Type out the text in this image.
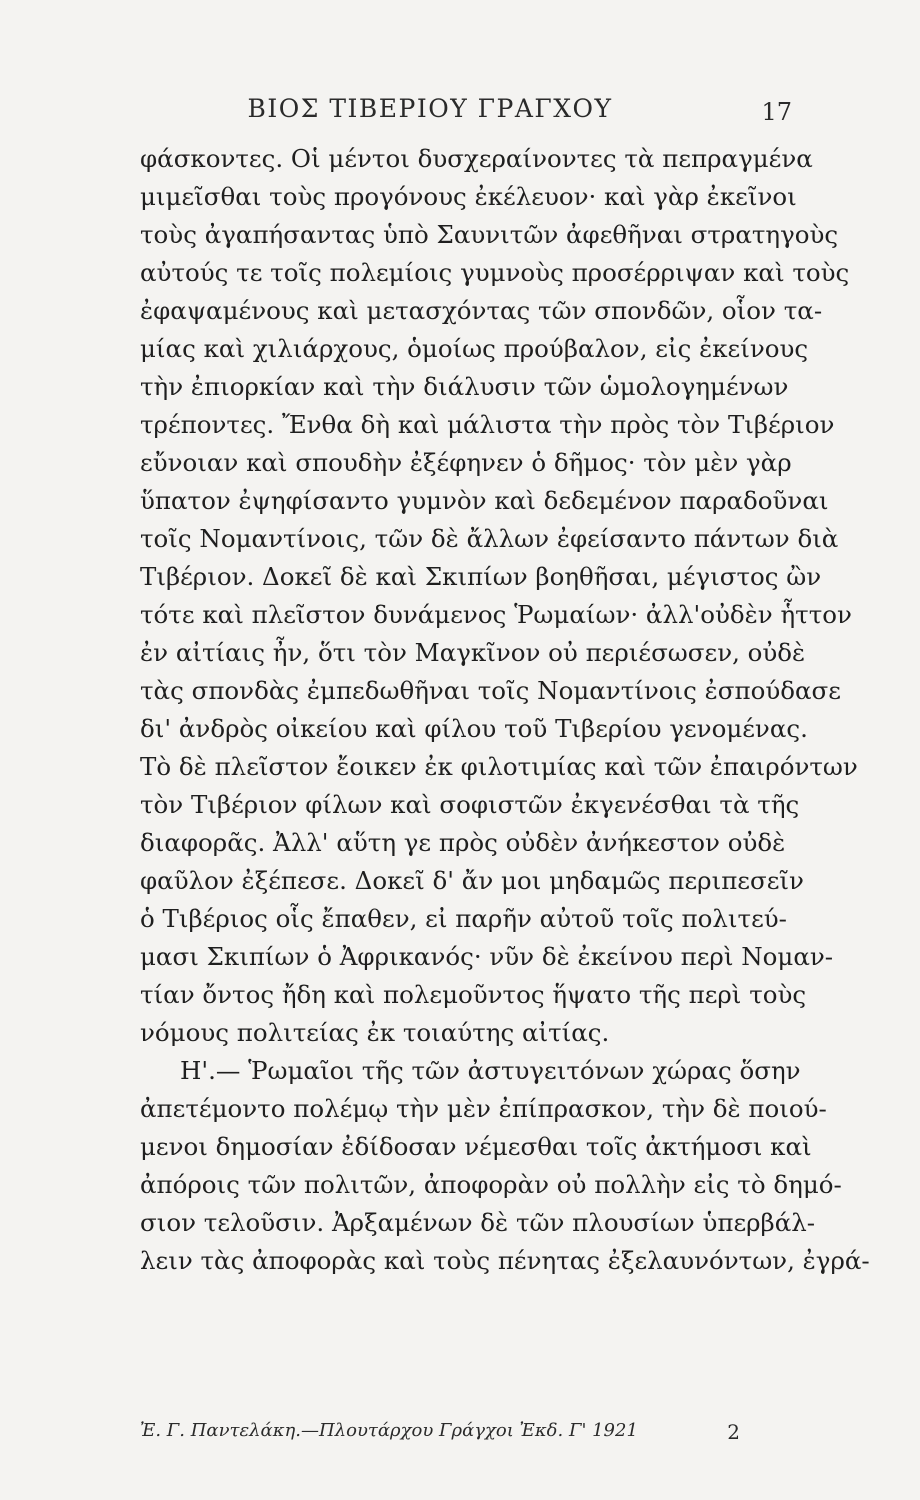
ΒΙΟΣ ΤΙΒΕΡΙΟΥ ΓΡΑΓΧΟΥ	17
φάσκοντες. Οἱ μέντοι δυσχεραίνοντες τὰ πεπραγμένα
μιμεῖσθαι τοὺς προγόνους ἐκέλευον· καὶ γὰρ ἐκεῖνοι
τοὺς ἀγαπήσαντας ὑπὸ Σαυνιτῶν ἀφεθῆναι στρατηγοὺς
αὐτούς τε τοῖς πολεμίοις γυμνοὺς προσέρριψαν καὶ τοὺς
ἐφαψαμένους καὶ μετασχόντας τῶν σπονδῶν, οἷον τα-
μίας καὶ χιλιάρχους, ὁμοίως προύβαλον, εἰς ἐκείνους
τὴν ἐπιορκίαν καὶ τὴν διάλυσιν τῶν ὡμολογημένων
τρέποντες. Ἔνθα δὴ καὶ μάλιστα τὴν πρὸς τὸν Τιβέριον
εὔνοιαν καὶ σπουδὴν ἐξέφηνεν ὁ δῆμος· τὸν μὲν γὰρ
ὕπατον ἐψηφίσαντο γυμνὸν καὶ δεδεμένον παραδοῦναι
τοῖς Νομαντίνοις, τῶν δὲ ἄλλων ἐφείσαντο πάντων διὰ
Τιβέριον. Δοκεῖ δὲ καὶ Σκιπίων βοηθῆσαι, μέγιστος ὢν
τότε καὶ πλεῖστον δυνάμενος Ῥωμαίων· ἀλλ'οὐδὲν ἧττον
ἐν αἰτίαις ἦν, ὅτι τὸν Μαγκῖνον οὐ περιέσωσεν, οὐδὲ
τὰς σπονδὰς ἐμπεδωθῆναι τοῖς Νομαντίνοις ἐσπούδασε
δι' ἀνδρὸς οἰκείου καὶ φίλου τοῦ Τιβερίου γενομένας.
Τὸ δὲ πλεῖστον ἔοικεν ἐκ φιλοτιμίας καὶ τῶν ἐπαιρόντων
τὸν Τιβέριον φίλων καὶ σοφιστῶν ἐκγενέσθαι τὰ τῆς
διαφορᾶς. Ἀλλ' αὕτη γε πρὸς οὐδὲν ἀνήκεστον οὐδὲ
φαῦλον ἐξέπεσε. Δοκεῖ δ' ἄν μοι μηδαμῶς περιπεσεῖν
ὁ Τιβέριος οἷς ἔπαθεν, εἰ παρῆν αὐτοῦ τοῖς πολιτεύ-
μασι Σκιπίων ὁ Ἀφρικανός· νῦν δὲ ἐκείνου περὶ Νομαν-
τίαν ὄντος ἤδη καὶ πολεμοῦντος ἥψατο τῆς περὶ τοὺς
νόμους πολιτείας ἐκ τοιαύτης αἰτίας.
Η'.— Ῥωμαῖοι τῆς τῶν ἀστυγειτόνων χώρας ὅσην
ἀπετέμοντο πολέμῳ τὴν μὲν ἐπίπρασκον, τὴν δὲ ποιού-
μενοι δημοσίαν ἐδίδοσαν νέμεσθαι τοῖς ἀκτήμοσι καὶ
ἀπόροις τῶν πολιτῶν, ἀποφορὰν οὐ πολλὴν εἰς τὸ δημό-
σιον τελοῦσιν. Ἀρξαμένων δὲ τῶν πλουσίων ὑπερβάλ-
λειν τὰς ἀποφορὰς καὶ τοὺς πένητας ἐξελαυνόντων, ἐγρά-
Ἐ. Γ. Παντελάκη.—Πλουτάρχου Γράγχοι Ἐκδ. Γ' 1921	2
